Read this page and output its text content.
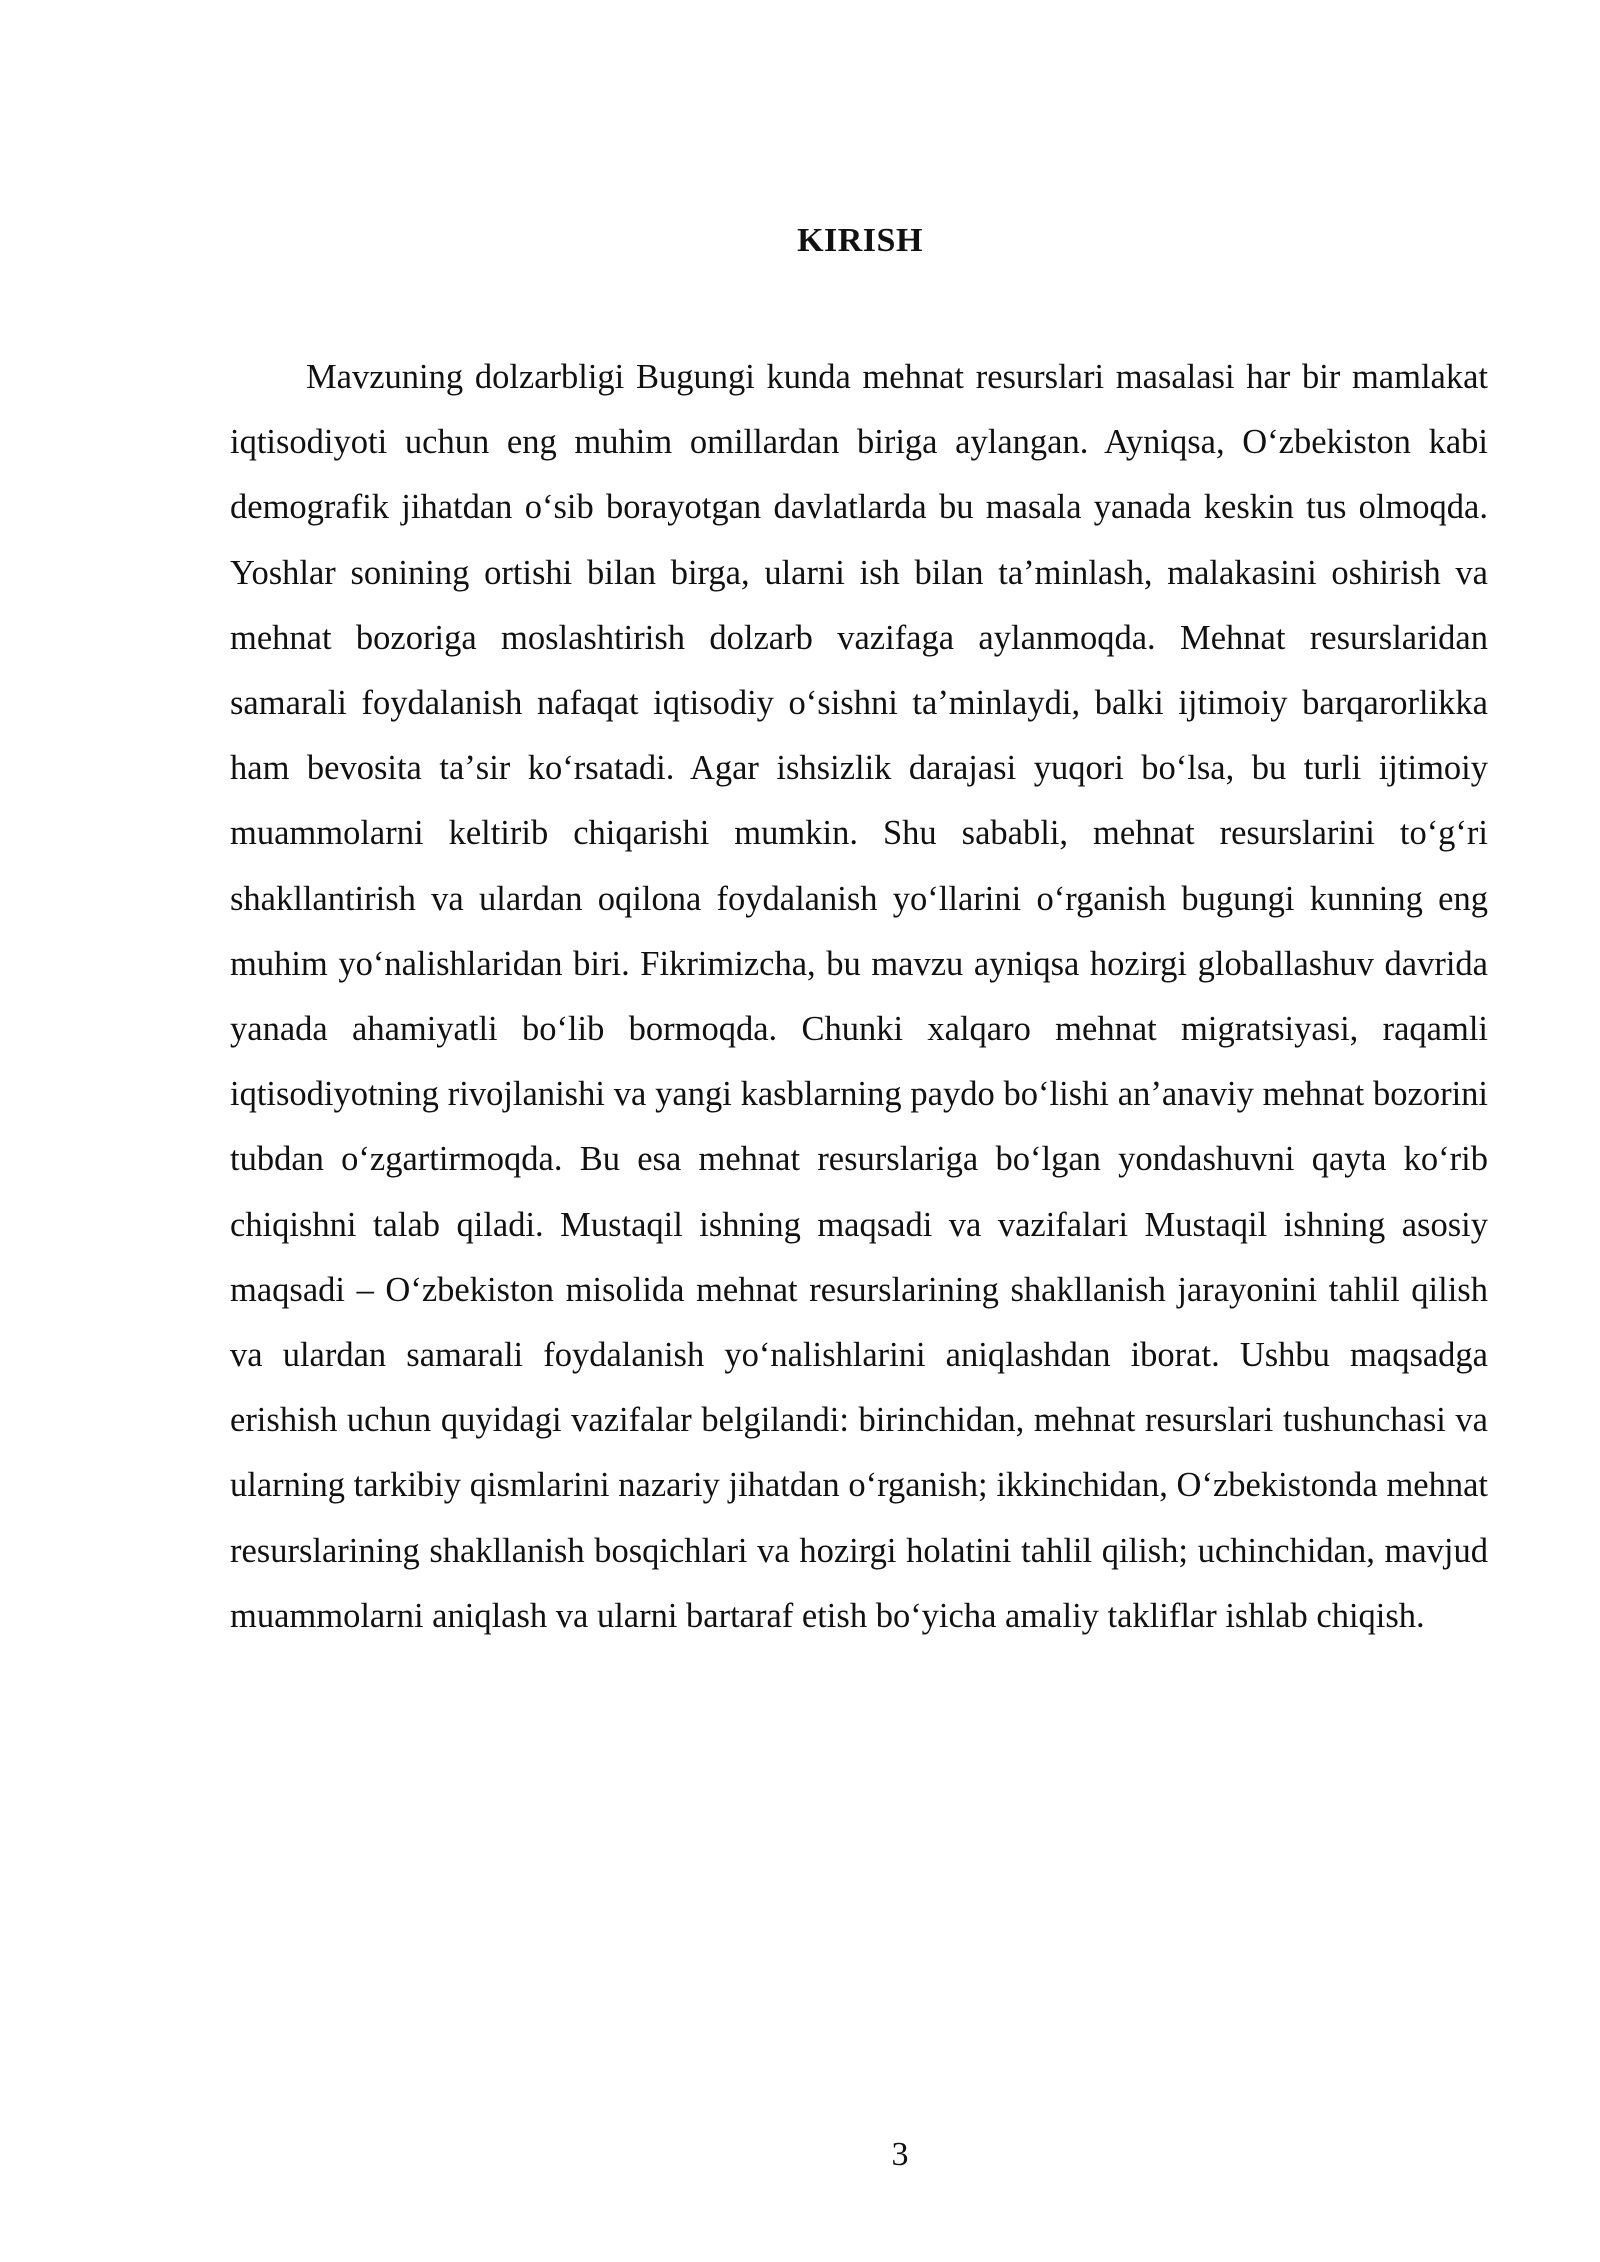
KIRISH

Mavzuning dolzarbligi Bugungi kunda mehnat resurslari masalasi har bir mamlakat iqtisodiyoti uchun eng muhim omillardan biriga aylangan. Ayniqsa, Oʻzbekiston kabi demografik jihatdan oʻsib borayotgan davlatlarda bu masala yanada keskin tus olmoqda. Yoshlar sonining ortishi bilan birga, ularni ish bilan taʼminlash, malakasini oshirish va mehnat bozoriga moslashtirish dolzarb vazifaga aylanmoqda. Mehnat resurslaridan samarali foydalanish nafaqat iqtisodiy oʻsishni taʼminlaydi, balki ijtimoiy barqarorlikka ham bevosita taʼsir koʻrsatadi. Agar ishsizlik darajasi yuqori boʻlsa, bu turli ijtimoiy muammolarni keltirib chiqarishi mumkin. Shu sababli, mehnat resurslarini toʻgʻri shakllantirish va ulardan oqilona foydalanish yoʻllarini oʻrganish bugungi kunning eng muhim yoʻnalishlaridan biri. Fikrimizcha, bu mavzu ayniqsa hozirgi globallashuv davrida yanada ahamiyatli boʻlib bormoqda. Chunki xalqaro mehnat migratsiyasi, raqamli iqtisodiyotning rivojlanishi va yangi kasblarning paydo boʻlishi anʼanaviy mehnat bozorini tubdan oʻzgartirmoqda. Bu esa mehnat resurslariga boʻlgan yondashuvni qayta koʻrib chiqishni talab qiladi. Mustaqil ishning maqsadi va vazifalari Mustaqil ishning asosiy maqsadi – Oʻzbekiston misolida mehnat resurslarining shakllanish jarayonini tahlil qilish va ulardan samarali foydalanish yoʻnalishlarini aniqlashdan iborat. Ushbu maqsadga erishish uchun quyidagi vazifalar belgilandi: birinchidan, mehnat resurslari tushunchasi va ularning tarkibiy qismlarini nazariy jihatdan oʻrganish; ikkinchidan, Oʻzbekistonda mehnat resurslarining shakllanish bosqichlari va hozirgi holatini tahlil qilish; uchinchidan, mavjud muammolarni aniqlash va ularni bartaraf etish boʻyicha amaliy takliflar ishlab chiqish.

3
